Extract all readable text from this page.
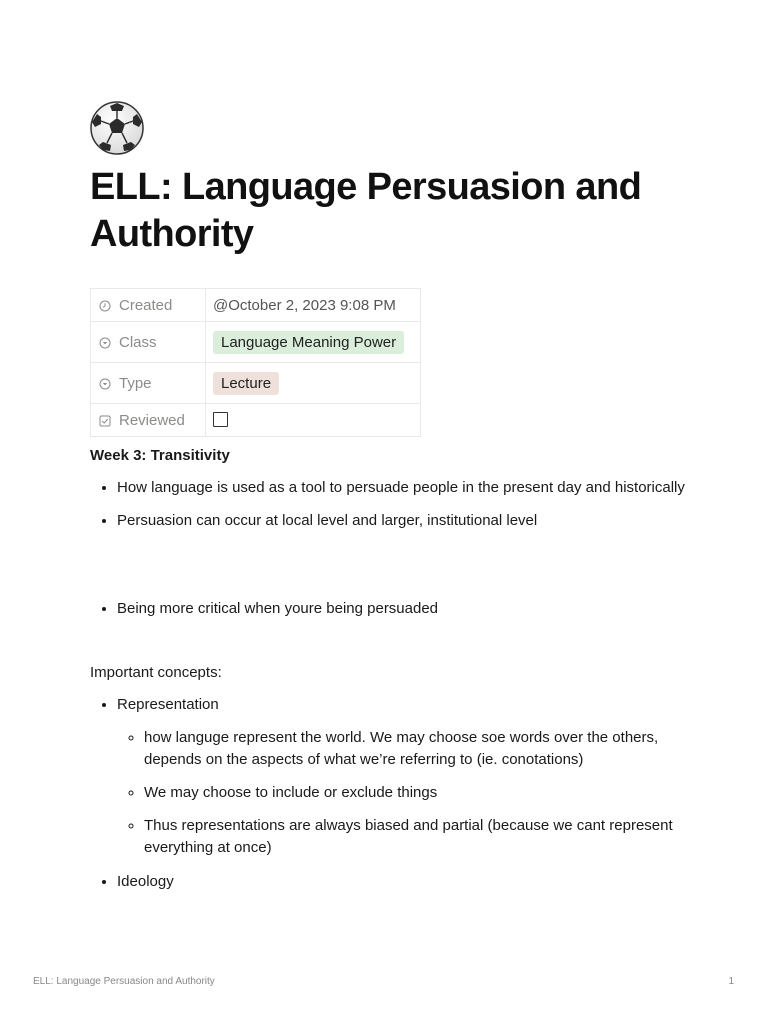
ELL: Language Persuasion and Authority
Created	@October 2, 2023 9:08 PM
Class	Language Meaning Power
Type	Lecture
Reviewed	

Week 3: Transitivity

• How language is used as a tool to persuade people in the present day and historically
• Persuasion can occur at local level and larger, institutional level
• Being more critical when youre being persuaded

Important concepts:

• Representation
◦ how languge represent the world. We may choose soe words over the others, depends on the aspects of what we’re referring to (ie. conotations)
◦ We may choose to include or exclude things
◦ Thus representations are always biased and partial (because we cant represent everything at once)
• Ideology
ELL: Language Persuasion and Authority	1
